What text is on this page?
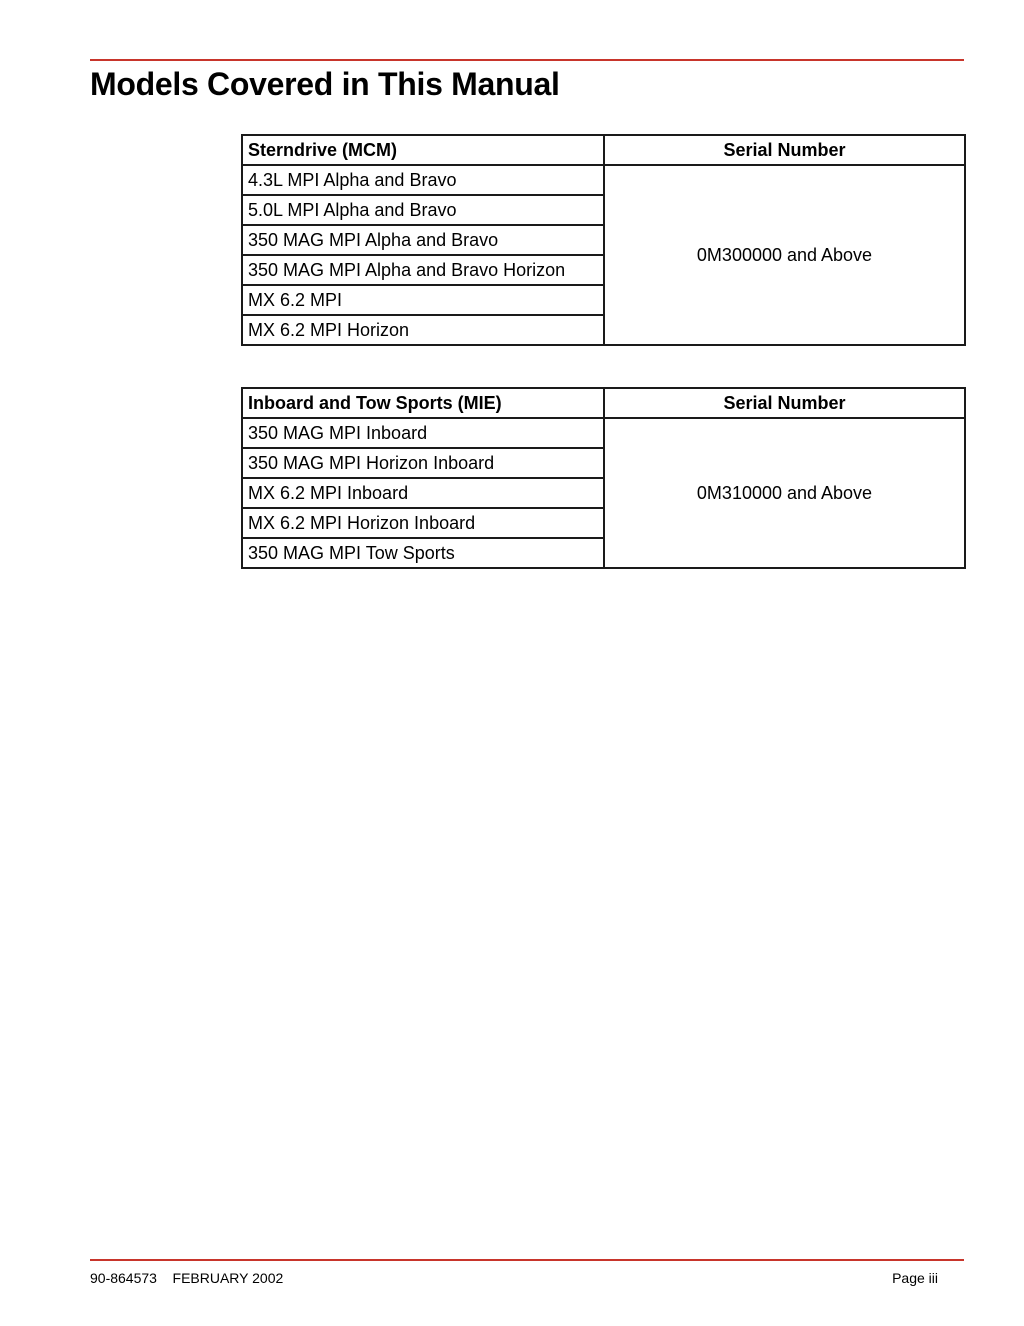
Models Covered in This Manual
Sterndrive (MCM)	Serial Number
4.3L MPI Alpha and Bravo	0M300000 and Above
5.0L MPI Alpha and Bravo	
350 MAG MPI Alpha and Bravo	
350 MAG MPI Alpha and Bravo Horizon	
MX 6.2 MPI	
MX 6.2 MPI Horizon	
Inboard and Tow Sports (MIE)	Serial Number
350 MAG MPI Inboard	0M310000 and Above
350 MAG MPI Horizon Inboard	
MX 6.2 MPI Inboard	
MX 6.2 MPI Horizon Inboard	
350 MAG MPI Tow Sports	
90-864573 FEBRUARY 2002	Page iii
